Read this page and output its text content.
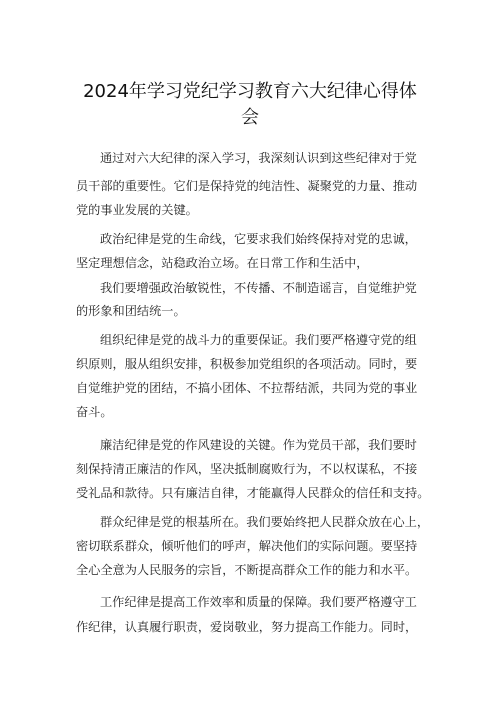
2024年学习党纪学习教育六大纪律心得体
会
通过对六大纪律的深入学习，我深刻认识到这些纪律对于党
员干部的重要性。它们是保持党的纯洁性、凝聚党的力量、推动
党的事业发展的关键。
政治纪律是党的生命线，它要求我们始终保持对党的忠诚，
坚定理想信念，站稳政治立场。在日常工作和生活中，
我们要增强政治敏锐性，不传播、不制造谣言，自觉维护党
的形象和团结统一。
组织纪律是党的战斗力的重要保证。我们要严格遵守党的组
织原则，服从组织安排，积极参加党组织的各项活动。同时，要
自觉维护党的团结，不搞小团体、不拉帮结派，共同为党的事业
奋斗。
廉洁纪律是党的作风建设的关键。作为党员干部，我们要时
刻保持清正廉洁的作风，坚决抵制腐败行为，不以权谋私，不接
受礼品和款待。只有廉洁自律，才能赢得人民群众的信任和支持。
群众纪律是党的根基所在。我们要始终把人民群众放在心上，
密切联系群众，倾听他们的呼声，解决他们的实际问题。要坚持
全心全意为人民服务的宗旨，不断提高群众工作的能力和水平。
工作纪律是提高工作效率和质量的保障。我们要严格遵守工
作纪律，认真履行职责，爱岗敬业，努力提高工作能力。同时，
